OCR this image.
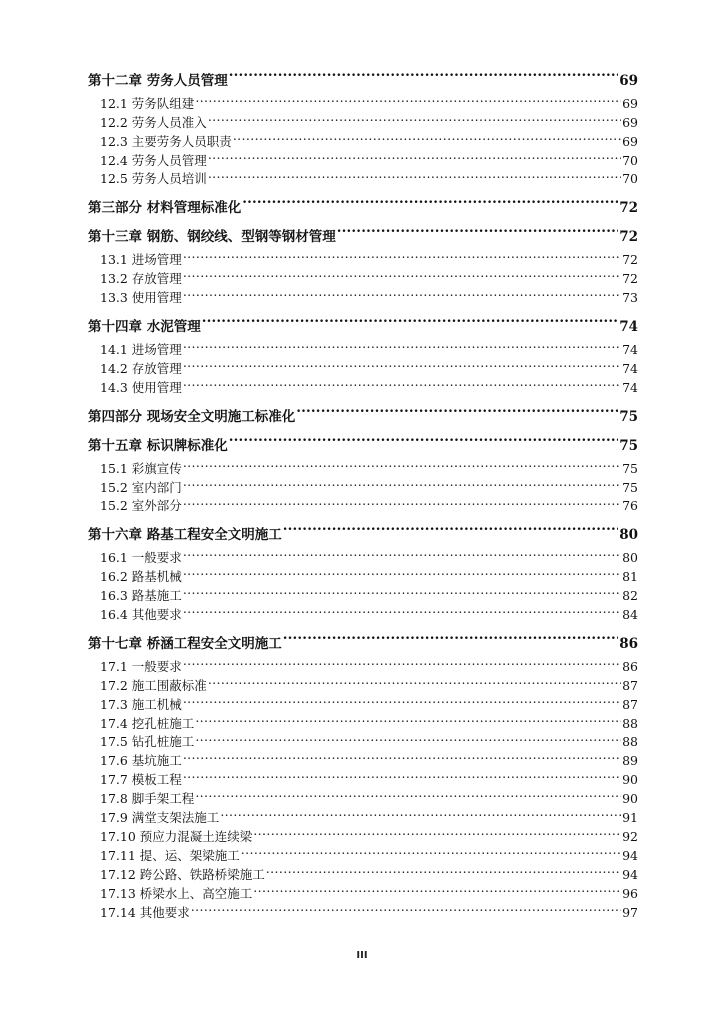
第十二章 劳务人员管理 .....	69
12.1 劳务队组建 .....	69
12.2 劳务人员准入 .....	69
12.3 主要劳务人员职责 .....	69
12.4 劳务人员管理 .....	70
12.5 劳务人员培训 .....	70
第三部分 材料管理标准化 .....	72
第十三章 钢筋、钢绞线、型钢等钢材管理 .....	72
13.1 进场管理 .....	72
13.2 存放管理 .....	72
13.3 使用管理 .....	73
第十四章 水泥管理 .....	74
14.1 进场管理 .....	74
14.2 存放管理 .....	74
14.3 使用管理 .....	74
第四部分 现场安全文明施工标准化 .....	75
第十五章 标识牌标准化 .....	75
15.1 彩旗宣传 .....	75
15.2 室内部门 .....	75
15.2 室外部分 .....	76
第十六章 路基工程安全文明施工 .....	80
16.1 一般要求 .....	80
16.2 路基机械 .....	81
16.3 路基施工 .....	82
16.4 其他要求 .....	84
第十七章 桥涵工程安全文明施工 .....	86
17.1 一般要求 .....	86
17.2 施工围蔽标准 .....	87
17.3 施工机械 .....	87
17.4 挖孔桩施工 .....	88
17.5 钻孔桩施工 .....	88
17.6 基坑施工 .....	89
17.7 模板工程 .....	90
17.8 脚手架工程 .....	90
17.9 满堂支架法施工 .....	91
17.10 预应力混凝土连续梁 .....	92
17.11 提、运、架梁施工 .....	94
17.12 跨公路、铁路桥梁施工 .....	94
17.13 桥梁水上、高空施工 .....	96
17.14 其他要求 .....	97
III
